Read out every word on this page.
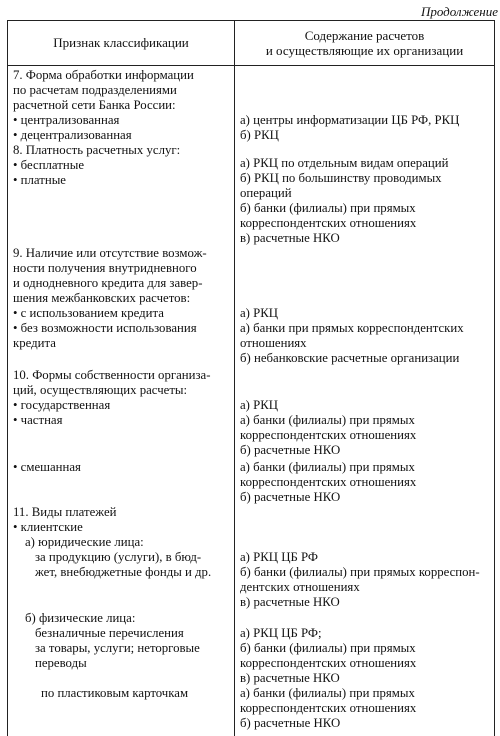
Продолжение
Признак классификации	Содержание расчетов
и осуществляющие их организации
7. Форма обработки информации
по расчетам подразделениями
расчетной сети Банка России:
• централизованная
• децентрализованная
8. Платность расчетных услуг:
• бесплатные
• платные
9. Наличие или отсутствие возмож-
ности получения внутридневного
и однодневного кредита для завер-
шения межбанковских расчетов:
• с использованием кредита
• без возможности использования
кредита
10. Формы собственности организа-
ций, осуществляющих расчеты:
• государственная
• частная
• смешанная
11. Виды платежей
• клиентские
а) юридические лица:
за продукцию (услуги), в бюд-
жет, внебюджетные фонды и др.
б) физические лица:
безналичные перечисления
за товары, услуги; неторговые
переводы
по пластиковым карточкам
а) центры информатизации ЦБ РФ, РКЦ
б) РКЦ
а) РКЦ по отдельным видам операций
б) РКЦ по большинству проводимых
операций
б) банки (филиалы) при прямых
корреспондентских отношениях
в) расчетные НКО
а) РКЦ
а) банки при прямых корреспондентских
отношениях
б) небанковские расчетные организации
а) РКЦ
а) банки (филиалы) при прямых
корреспондентских отношениях
б) расчетные НКО
а) банки (филиалы) при прямых
корреспондентских отношениях
б) расчетные НКО
а) РКЦ ЦБ РФ
б) банки (филиалы) при прямых корреспон-
дентских отношениях
в) расчетные НКО
а) РКЦ ЦБ РФ;
б) банки (филиалы) при прямых
корреспондентских отношениях
в) расчетные НКО
а) банки (филиалы) при прямых
корреспондентских отношениях
б) расчетные НКО
